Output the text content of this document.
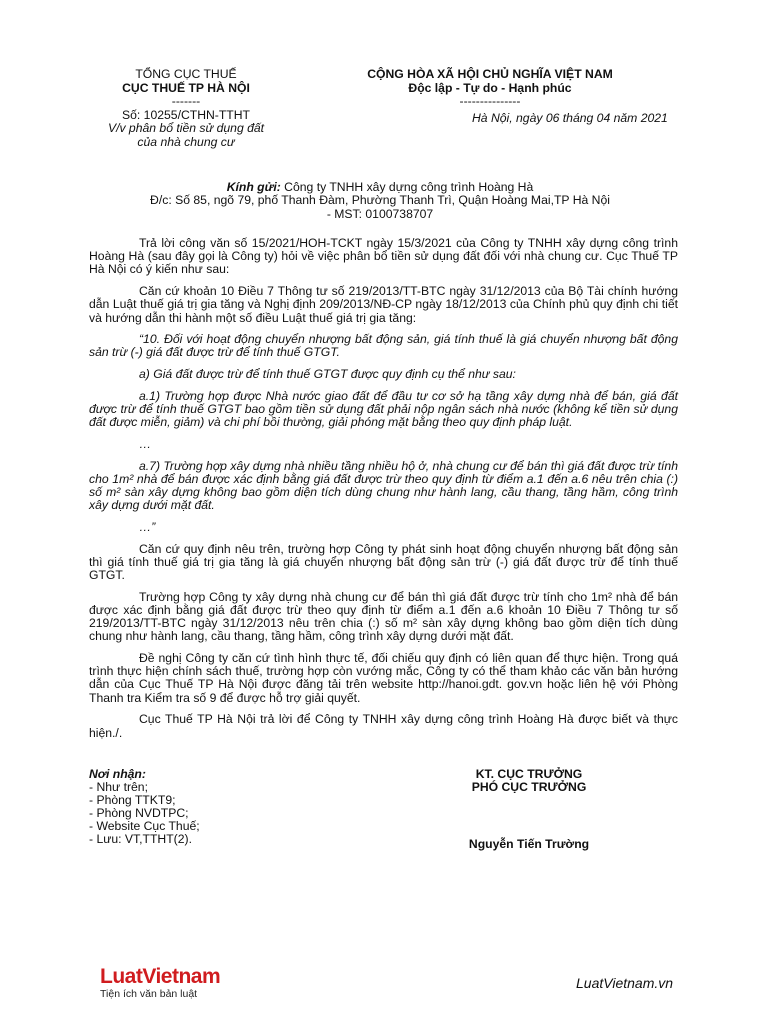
TỔNG CỤC THUẾ
CỤC THUẾ TP HÀ NỘI
-------
Số: 10255/CTHN-TTHT
V/v phân bổ tiền sử dụng đất
của nhà chung cư
CỘNG HÒA XÃ HỘI CHỦ NGHĨA VIỆT NAM
Độc lập - Tự do - Hạnh phúc
---------------
Hà Nội, ngày 06 tháng 04 năm 2021
Kính gửi: Công ty TNHH xây dựng công trình Hoàng Hà
Đ/c: Số 85, ngõ 79, phố Thanh Đàm, Phường Thanh Trì, Quận Hoàng Mai,TP Hà Nội
- MST: 0100738707

Trả lời công văn số 15/2021/HOH-TCKT ngày 15/3/2021 của Công ty TNHH xây dựng công trình Hoàng Hà (sau đây gọi là Công ty) hỏi về việc phân bổ tiền sử dụng đất đối với nhà chung cư. Cục Thuế TP Hà Nội có ý kiến như sau:

Căn cứ khoản 10 Điều 7 Thông tư số 219/2013/TT-BTC ngày 31/12/2013 của Bộ Tài chính hướng dẫn Luật thuế giá trị gia tăng và Nghị định 209/2013/NĐ-CP ngày 18/12/2013 của Chính phủ quy định chi tiết và hướng dẫn thi hành một số điều Luật thuế giá trị gia tăng:

“10. Đối với hoạt động chuyển nhượng bất động sản, giá tính thuế là giá chuyển nhượng bất động sản trừ (-) giá đất được trừ để tính thuế GTGT.

a) Giá đất được trừ để tính thuế GTGT được quy định cụ thể như sau:

a.1) Trường hợp được Nhà nước giao đất để đầu tư cơ sở hạ tầng xây dựng nhà để bán, giá đất được trừ để tính thuế GTGT bao gồm tiền sử dụng đất phải nộp ngân sách nhà nước (không kể tiền sử dụng đất được miễn, giảm) và chi phí bồi thường, giải phóng mặt bằng theo quy định pháp luật.

…

a.7) Trường hợp xây dựng nhà nhiều tầng nhiều hộ ở, nhà chung cư để bán thì giá đất được trừ tính cho 1m² nhà để bán được xác định bằng giá đất được trừ theo quy định từ điểm a.1 đến a.6 nêu trên chia (:) số m² sàn xây dựng không bao gồm diện tích dùng chung như hành lang, cầu thang, tầng hầm, công trình xây dựng dưới mặt đất.

…”

Căn cứ quy định nêu trên, trường hợp Công ty phát sinh hoạt động chuyển nhượng bất động sản thì giá tính thuế giá trị gia tăng là giá chuyển nhượng bất động sản trừ (-) giá đất được trừ để tính thuế GTGT.

Trường hợp Công ty xây dựng nhà chung cư để bán thì giá đất được trừ tính cho 1m² nhà để bán được xác định bằng giá đất được trừ theo quy định từ điểm a.1 đến a.6 khoản 10 Điều 7 Thông tư số 219/2013/TT-BTC ngày 31/12/2013 nêu trên chia (:) số m² sàn xây dựng không bao gồm diện tích dùng chung như hành lang, cầu thang, tầng hầm, công trình xây dựng dưới mặt đất.

Đề nghị Công ty căn cứ tình hình thực tế, đối chiếu quy định có liên quan để thực hiện. Trong quá trình thực hiện chính sách thuế, trường hợp còn vướng mắc, Công ty có thể tham khảo các văn bản hướng dẫn của Cục Thuế TP Hà Nội được đăng tải trên website http://hanoi.gdt. gov.vn hoặc liên hệ với Phòng Thanh tra Kiểm tra số 9 để được hỗ trợ giải quyết.

Cục Thuế TP Hà Nội trả lời để Công ty TNHH xây dựng công trình Hoàng Hà được biết và thực hiện./.

Nơi nhận:
- Như trên;
- Phòng TTKT9;
- Phòng NVDTPC;
- Website Cục Thuế;
- Lưu: VT,TTHT(2).
KT. CỤC TRƯỞNG
PHÓ CỤC TRƯỞNG
Nguyễn Tiến Trường
LuatVietnam
Tiện ích văn bản luật
LuatVietnam.vn
